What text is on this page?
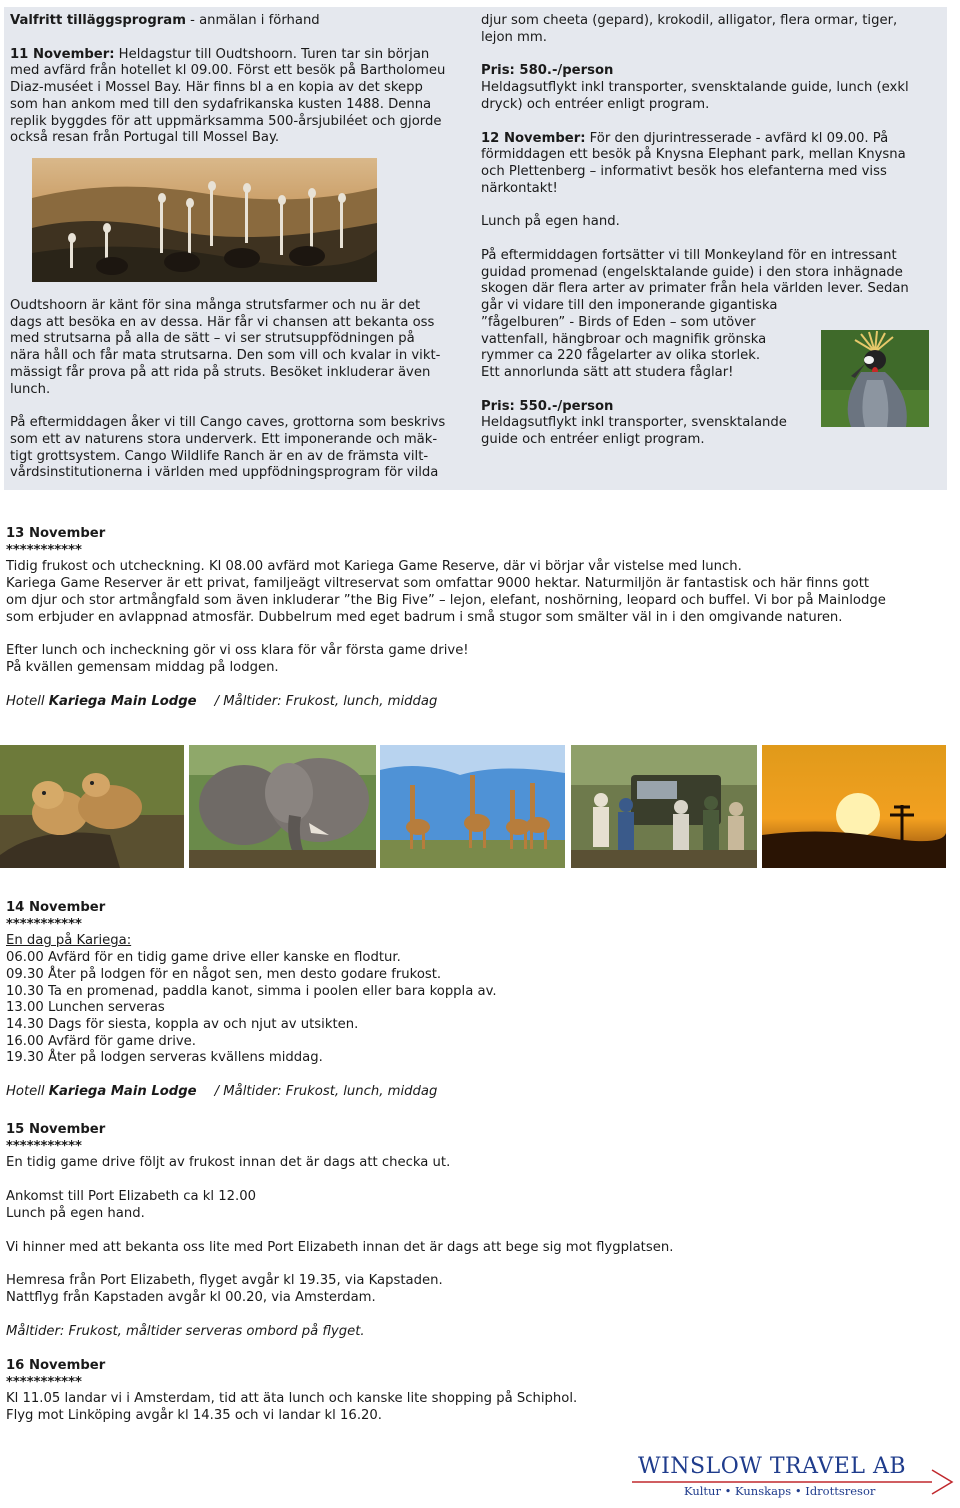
Valfritt tilläggsprogram - anmälan i förhand

11 November: Heldagstur till Oudtshoorn. Turen tar sin början
med avfärd från hotellet kl 09.00. Först ett besök på Bartholomeu
Diaz-muséet i Mossel Bay. Här finns bl a en kopia av det skepp
som han ankom med till den sydafrikanska kusten 1488. Denna
replik byggdes för att uppmärksamma 500-årsjubiléet och gjorde
också resan från Portugal till Mossel Bay.

Oudtshoorn är känt för sina många strutsfarmer och nu är det
dags att besöka en av dessa. Här får vi chansen att bekanta oss
med strutsarna på alla de sätt – vi ser strutsuppfödningen på
nära håll och får mata strutsarna. Den som vill och kvalar in vikt-
mässigt får prova på att rida på struts. Besöket inkluderar även
lunch.

På eftermiddagen åker vi till Cango caves, grottorna som beskrivs
som ett av naturens stora underverk. Ett imponerande och mäk-
tigt grottsystem. Cango Wildlife Ranch är en av de främsta vilt-
vårdsinstitutionerna i världen med uppfödningsprogram för vilda

djur som cheeta (gepard), krokodil, alligator, flera ormar, tiger,
lejon mm.

Pris: 580.-/person

Heldagsutflykt inkl transporter, svensktalande guide, lunch (exkl
dryck) och entréer enligt program.

12 November: För den djurintresserade - avfärd kl 09.00. På
förmiddagen ett besök på Knysna Elephant park, mellan Knysna
och Plettenberg – informativt besök hos elefanterna med viss
närkontakt!

Lunch på egen hand.

På eftermiddagen fortsätter vi till Monkeyland för en intressant
guidad promenad (engelsktalande guide) i den stora inhägnade
skogen där flera arter av primater från hela världen lever. Sedan
går vi vidare till den imponerande gigantiska
”fågelburen” - Birds of Eden – som utöver
vattenfall, hängbroar och magnifik grönska
rymmer ca 220 fågelarter av olika storlek.
Ett annorlunda sätt att studera fåglar!

Pris: 550.-/person

Heldagsutflykt inkl transporter, svensktalande
guide och entréer enligt program.

13 November

***********

Tidig frukost och utcheckning. Kl 08.00 avfärd mot Kariega Game Reserve, där vi börjar vår vistelse med lunch.
Kariega Game Reserver är ett privat, familjeägt viltreservat som omfattar 9000 hektar. Naturmiljön är fantastisk och här finns gott
om djur och stor artmångfald som även inkluderar ”the Big Five” – lejon, elefant, noshörning, leopard och buffel. Vi bor på Mainlodge
som erbjuder en avlappnad atmosfär. Dubbelrum med eget badrum i små stugor som smälter väl in i den omgivande naturen.

Efter lunch och incheckning gör vi oss klara för vår första game drive!
På kvällen gemensam middag på lodgen.

Hotell Kariega Main Lodge / Måltider: Frukost, lunch, middag

14 November

***********

En dag på Kariega:

06.00 Avfärd för en tidig game drive eller kanske en flodtur.
09.30 Åter på lodgen för en något sen, men desto godare frukost.
10.30 Ta en promenad, paddla kanot, simma i poolen eller bara koppla av.
13.00 Lunchen serveras
14.30 Dags för siesta, koppla av och njut av utsikten.
16.00 Avfärd för game drive.
19.30 Åter på lodgen serveras kvällens middag.

Hotell Kariega Main Lodge / Måltider: Frukost, lunch, middag

15 November

***********

En tidig game drive följt av frukost innan det är dags att checka ut.

Ankomst till Port Elizabeth ca kl 12.00
Lunch på egen hand.

Vi hinner med att bekanta oss lite med Port Elizabeth innan det är dags att bege sig mot flygplatsen.

Hemresa från Port Elizabeth, flyget avgår kl 19.35, via Kapstaden.
Nattflyg från Kapstaden avgår kl 00.20, via Amsterdam.

Måltider: Frukost, måltider serveras ombord på flyget.

16 November

***********

Kl 11.05 landar vi i Amsterdam, tid att äta lunch och kanske lite shopping på Schiphol.
Flyg mot Linköping avgår kl 14.35 och vi landar kl 16.20.

WINSLOW TRAVEL AB
Kultur • Kunskaps • Idrottsresor
